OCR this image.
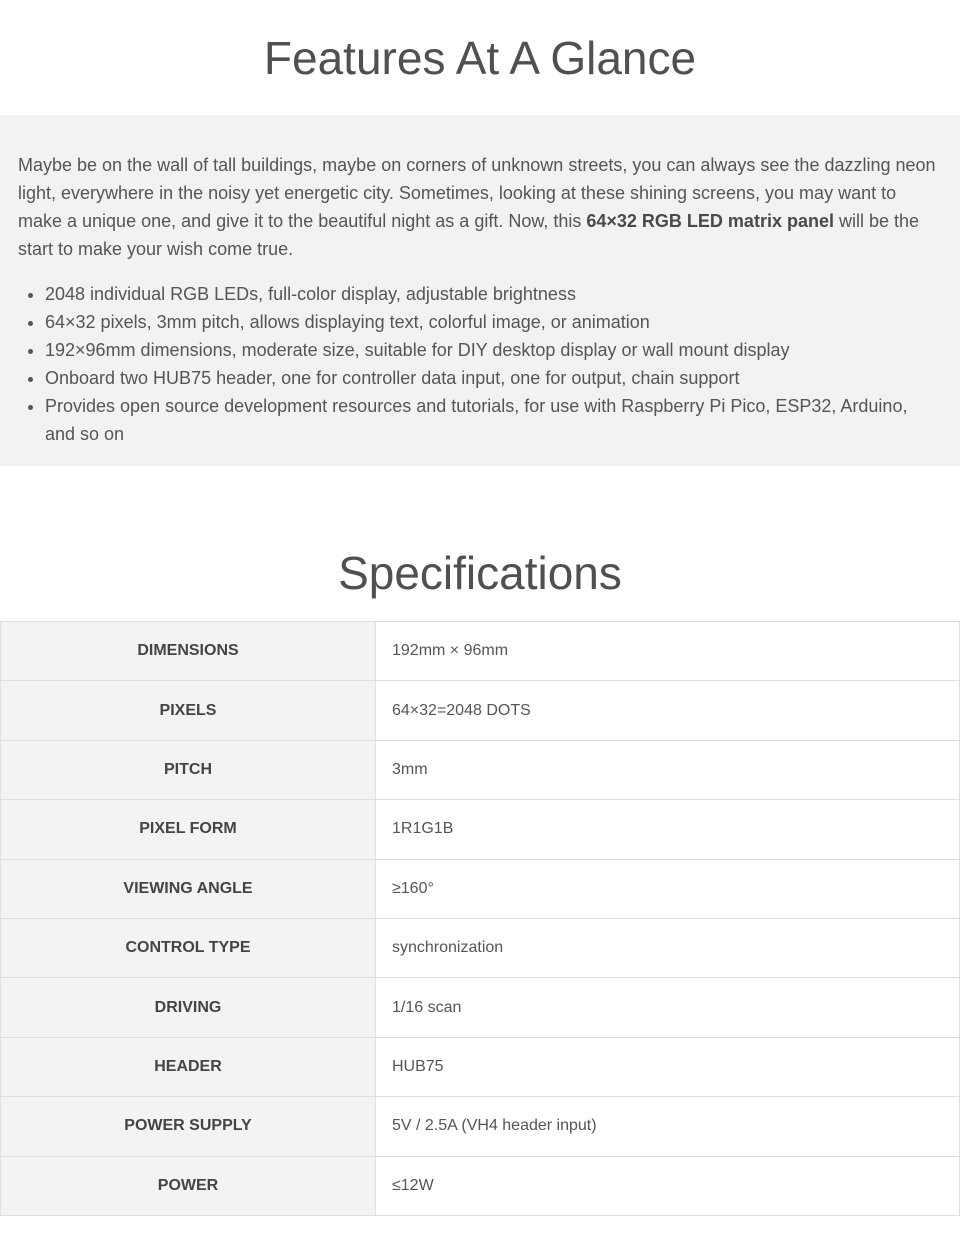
Features At A Glance

Maybe be on the wall of tall buildings, maybe on corners of unknown streets, you can always see the dazzling neon light, everywhere in the noisy yet energetic city. Sometimes, looking at these shining screens, you may want to make a unique one, and give it to the beautiful night as a gift. Now, this 64×32 RGB LED matrix panel will be the start to make your wish come true.

• 2048 individual RGB LEDs, full-color display, adjustable brightness
• 64×32 pixels, 3mm pitch, allows displaying text, colorful image, or animation
• 192×96mm dimensions, moderate size, suitable for DIY desktop display or wall mount display
• Onboard two HUB75 header, one for controller data input, one for output, chain support
• Provides open source development resources and tutorials, for use with Raspberry Pi Pico, ESP32, Arduino, and so on
Specifications
DIMENSIONS	192mm × 96mm
PIXELS	64×32=2048 DOTS
PITCH	3mm
PIXEL FORM	1R1G1B
VIEWING ANGLE	≥160°
CONTROL TYPE	synchronization
DRIVING	1/16 scan
HEADER	HUB75
POWER SUPPLY	5V / 2.5A (VH4 header input)
POWER	≤12W
